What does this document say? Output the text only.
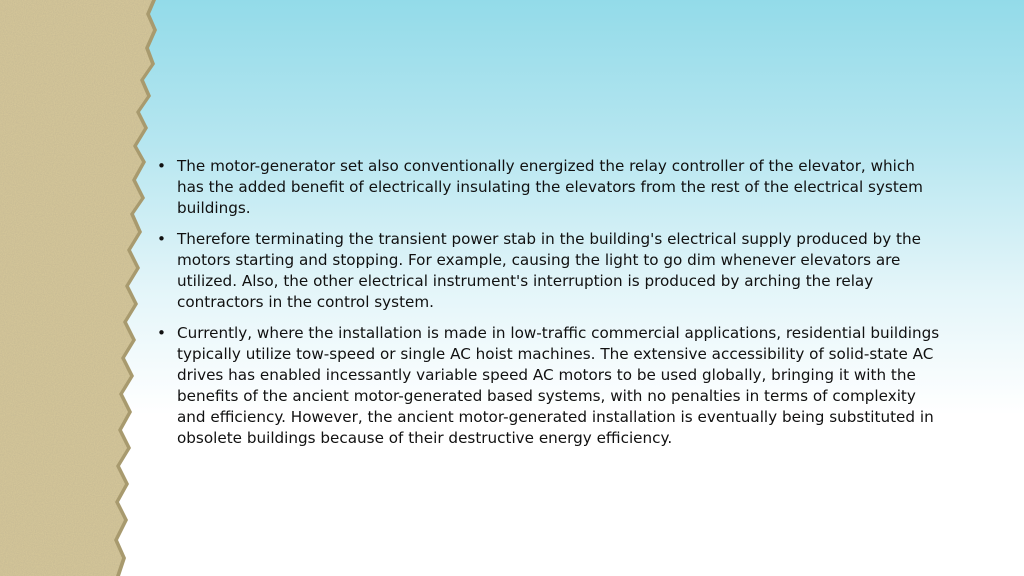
• The motor-generator set also conventionally energized the relay controller of the elevator, which has the added benefit of electrically insulating the elevators from the rest of the electrical system buildings.
• Therefore terminating the transient power stab in the building's electrical supply produced by the motors starting and stopping. For example, causing the light to go dim whenever elevators are utilized. Also, the other electrical instrument's interruption is produced by arching the relay contractors in the control system.
• Currently, where the installation is made in low-traffic commercial applications, residential buildings typically utilize tow-speed or single AC hoist machines. The extensive accessibility of solid-state AC drives has enabled incessantly variable speed AC motors to be used globally, bringing it with the benefits of the ancient motor-generated based systems, with no penalties in terms of complexity and efficiency. However, the ancient motor-generated installation is eventually being substituted in obsolete buildings because of their destructive energy efficiency.
